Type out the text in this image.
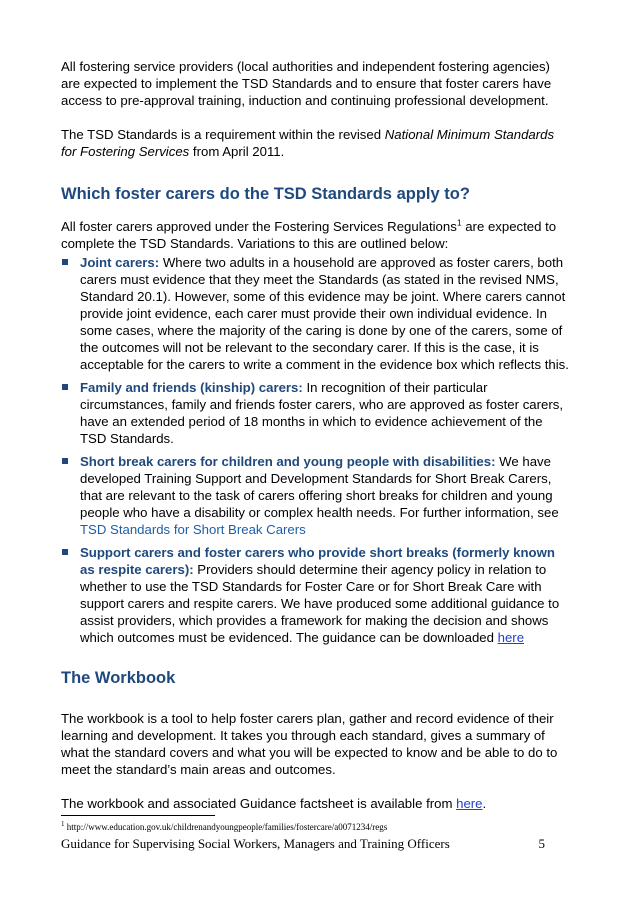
All fostering service providers (local authorities and independent fostering agencies) are expected to implement the TSD Standards and to ensure that foster carers have access to pre-approval training, induction and continuing professional development.

The TSD Standards is a requirement within the revised National Minimum Standards for Fostering Services from April 2011.

Which foster carers do the TSD Standards apply to?

All foster carers approved under the Fostering Services Regulations$^1$ are expected to complete the TSD Standards. Variations to this are outlined below:

Joint carers: Where two adults in a household are approved as foster carers, both carers must evidence that they meet the Standards (as stated in the revised NMS, Standard 20.1). However, some of this evidence may be joint. Where carers cannot provide joint evidence, each carer must provide their own individual evidence. In some cases, where the majority of the caring is done by one of the carers, some of the outcomes will not be relevant to the secondary carer. If this is the case, it is acceptable for the carers to write a comment in the evidence box which reflects this.
Family and friends (kinship) carers: In recognition of their particular circumstances, family and friends foster carers, who are approved as foster carers, have an extended period of 18 months in which to evidence achievement of the TSD Standards.
Short break carers for children and young people with disabilities: We have developed Training Support and Development Standards for Short Break Carers, that are relevant to the task of carers offering short breaks for children and young people who have a disability or complex health needs. For further information, see TSD Standards for Short Break Carers
Support carers and foster carers who provide short breaks (formerly known as respite carers): Providers should determine their agency policy in relation to whether to use the TSD Standards for Foster Care or for Short Break Care with support carers and respite carers. We have produced some additional guidance to assist providers, which provides a framework for making the decision and shows which outcomes must be evidenced. The guidance can be downloaded here
The Workbook

The workbook is a tool to help foster carers plan, gather and record evidence of their learning and development. It takes you through each standard, gives a summary of what the standard covers and what you will be expected to know and be able to do to meet the standard’s main areas and outcomes.

The workbook and associated Guidance factsheet is available from here.

$^1$ http://www.education.gov.uk/childrenandyoungpeople/families/fostercare/a0071234/regs
Guidance for Supervising Social Workers, Managers and Training Officers	5
